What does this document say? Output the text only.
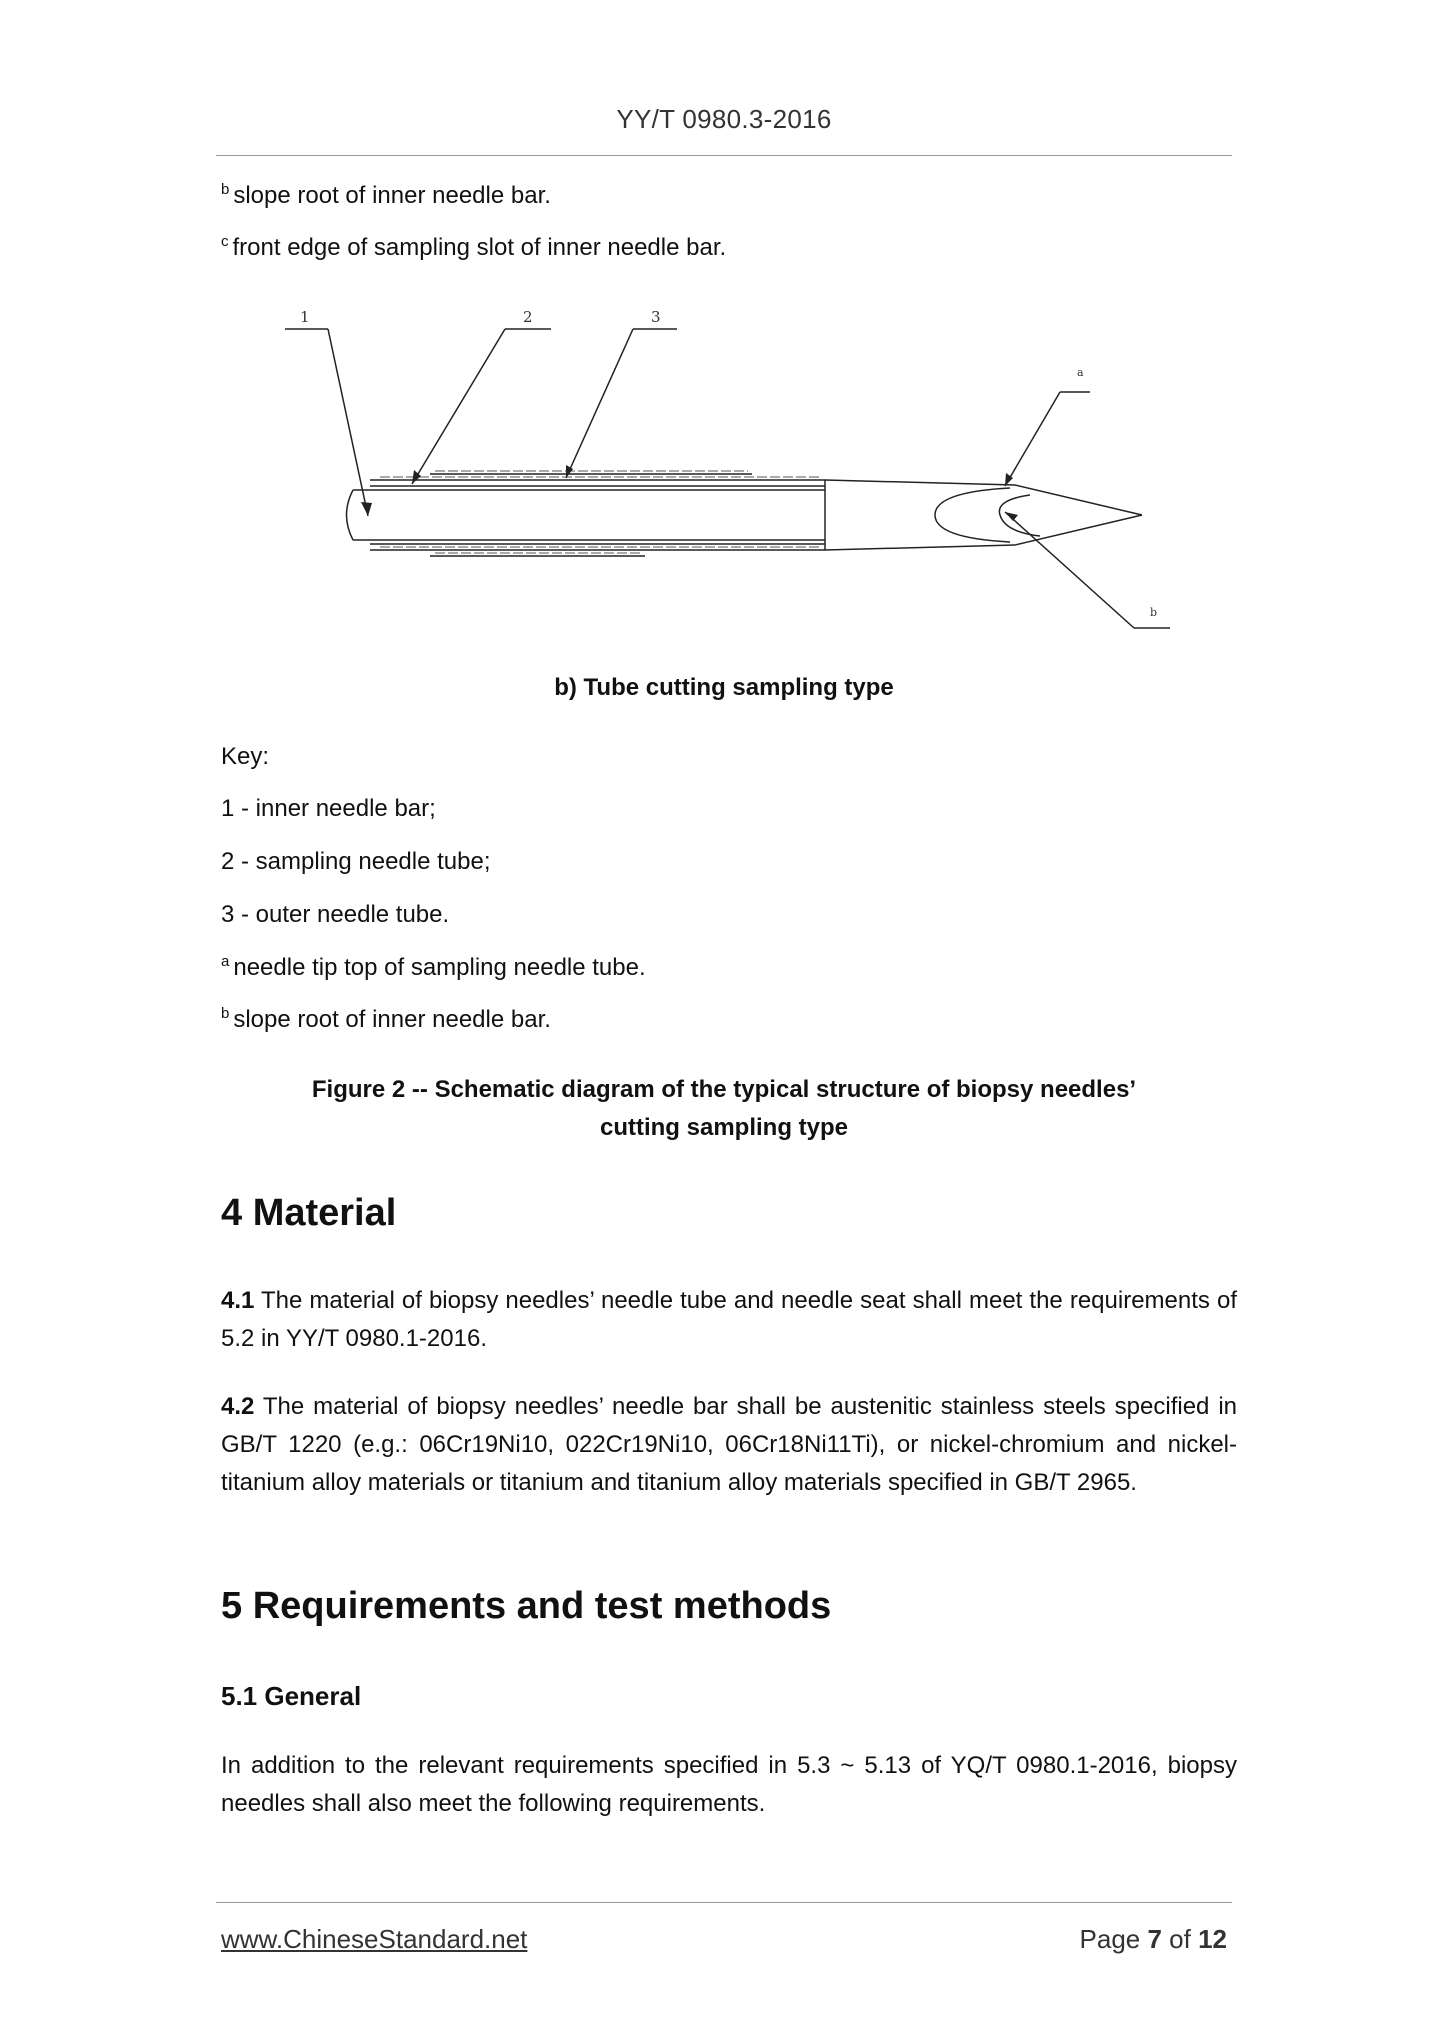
YY/T 0980.3-2016

$^b$ slope root of inner needle bar.

$^c$ front edge of sampling slot of inner needle bar.

1	2	3
a
b

b) Tube cutting sampling type

Key:

1 - inner needle bar;

2 - sampling needle tube;

3 - outer needle tube.

$^a$ needle tip top of sampling needle tube.

$^b$ slope root of inner needle bar.

Figure 2 -- Schematic diagram of the typical structure of biopsy needles’

cutting sampling type

4 Material

4.1 The material of biopsy needles’ needle tube and needle seat shall meet the requirements of 5.2 in YY/T 0980.1-2016.

4.2 The material of biopsy needles’ needle bar shall be austenitic stainless steels specified in GB/T 1220 (e.g.: 06Cr19Ni10, 022Cr19Ni10, 06Cr18Ni11Ti), or nickel-chromium and nickel-titanium alloy materials or titanium and titanium alloy materials specified in GB/T 2965.

5 Requirements and test methods
5.1 General

In addition to the relevant requirements specified in 5.3 ~ 5.13 of YQ/T 0980.1-2016, biopsy needles shall also meet the following requirements.

www.ChineseStandard.net	Page 7 of 12
